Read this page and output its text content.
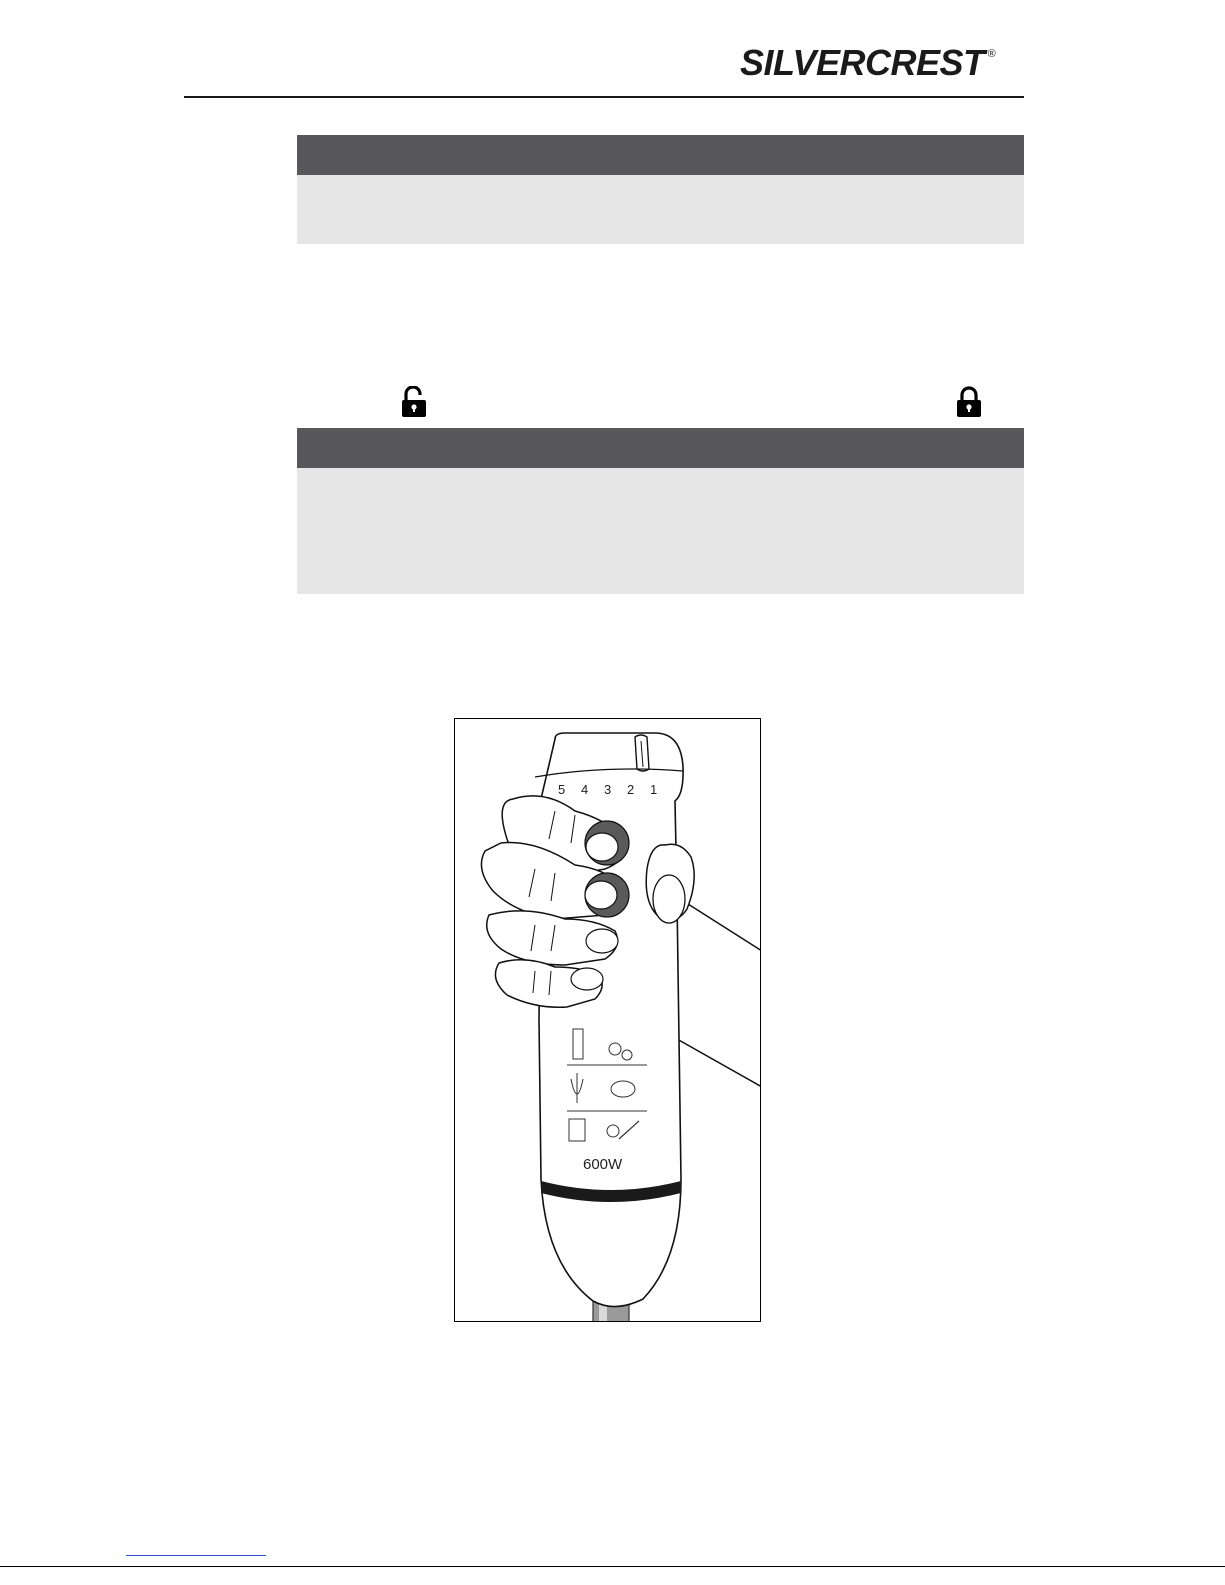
SILVERCREST ®
5 4 3 2 1
600W
